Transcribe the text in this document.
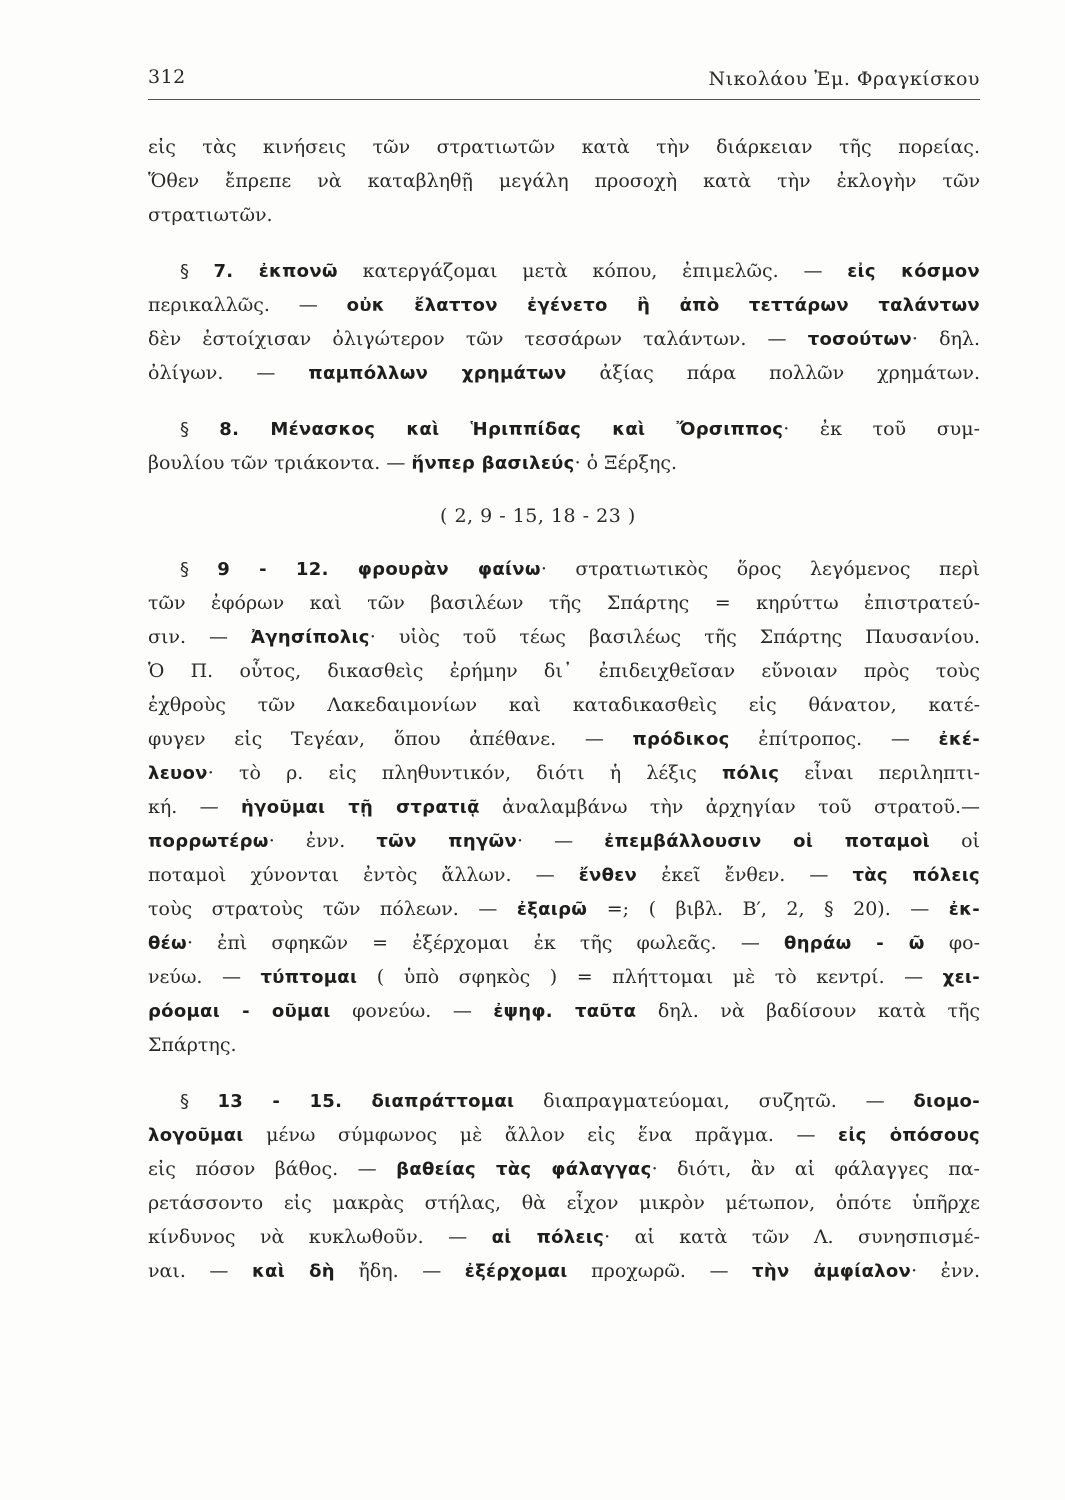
312	Νικολάου Ἐμ. Φραγκίσκου
εἰς τὰς κινήσεις τῶν στρατιωτῶν κατὰ τὴν διάρκειαν τῆς πορείας.
Ὅθεν ἔπρεπε νὰ καταβληθῇ μεγάλη προσοχὴ κατὰ τὴν ἐκλογὴν τῶν
στρατιωτῶν.
§ 7. ἐκπονῶ κατεργάζομαι μετὰ κόπου, ἐπιμελῶς. — εἰς κόσμον
περικαλλῶς. — οὐκ ἔλαττον ἐγένετο ἢ ἀπὸ τεττάρων ταλάντων
δὲν ἐστοίχισαν ὀλιγώτερον τῶν τεσσάρων ταλάντων. — τοσούτων· δηλ.
ὀλίγων. — παμπόλλων χρημάτων ἀξίας πάρα πολλῶν χρημάτων.
§ 8. Μένασκος καὶ Ἡριππίδας καὶ Ὄρσιππος· ἐκ τοῦ συμ-
βουλίου τῶν τριάκοντα. — ἥνπερ βασιλεύς· ὁ Ξέρξης.
( 2, 9 - 15, 18 - 23 )
§ 9 - 12. φρουρὰν φαίνω· στρατιωτικὸς ὅρος λεγόμενος περὶ
τῶν ἐφόρων καὶ τῶν βασιλέων τῆς Σπάρτης = κηρύττω ἐπιστρατεύ-
σιν. — Ἀγησίπολις· υἱὸς τοῦ τέως βασιλέως τῆς Σπάρτης Παυσανίου.
Ὁ Π. οὗτος, δικασθεὶς ἐρήμην δι᾿ ἐπιδειχθεῖσαν εὔνοιαν πρὸς τοὺς
ἐχθροὺς τῶν Λακεδαιμονίων καὶ καταδικασθεὶς εἰς θάνατον, κατέ-
φυγεν εἰς Τεγέαν, ὅπου ἀπέθανε. — πρόδικος ἐπίτροπος. — ἐκέ-
λευον· τὸ ρ. εἰς πληθυντικόν, διότι ἡ λέξις πόλις εἶναι περιληπτι-
κή. — ἡγοῦμαι τῇ στρατιᾷ ἀναλαμβάνω τὴν ἀρχηγίαν τοῦ στρατοῦ.—
πορρωτέρω· ἐνν. τῶν πηγῶν· — ἐπεμβάλλουσιν οἱ ποταμοὶ οἱ
ποταμοὶ χύνονται ἐντὸς ἄλλων. — ἔνθεν ἐκεῖ ἔνθεν. — τὰς πόλεις
τοὺς στρατοὺς τῶν πόλεων. — ἐξαιρῶ =; ( βιβλ. Β′, 2, § 20). — ἐκ-
θέω· ἐπὶ σφηκῶν = ἐξέρχομαι ἐκ τῆς φωλεᾶς. — θηράω - ῶ φο-
νεύω. — τύπτομαι ( ὑπὸ σφηκὸς ) = πλήττομαι μὲ τὸ κεντρί. — χει-
ρόομαι - οῦμαι φονεύω. — ἐψηφ. ταῦτα δηλ. νὰ βαδίσουν κατὰ τῆς
Σπάρτης.
§ 13 - 15. διαπράττομαι διαπραγματεύομαι, συζητῶ. — διομο-
λογοῦμαι μένω σύμφωνος μὲ ἄλλον εἰς ἕνα πρᾶγμα. — εἰς ὁπόσους
εἰς πόσον βάθος. — βαθείας τὰς φάλαγγας· διότι, ἂν αἱ φάλαγγες πα-
ρετάσσοντο εἰς μακρὰς στήλας, θὰ εἶχον μικρὸν μέτωπον, ὁπότε ὑπῆρχε
κίνδυνος νὰ κυκλωθοῦν. — αἱ πόλεις· αἱ κατὰ τῶν Λ. συνησπισμέ-
ναι. — καὶ δὴ ἤδη. — ἐξέρχομαι προχωρῶ. — τὴν ἀμφίαλον· ἐνν.
